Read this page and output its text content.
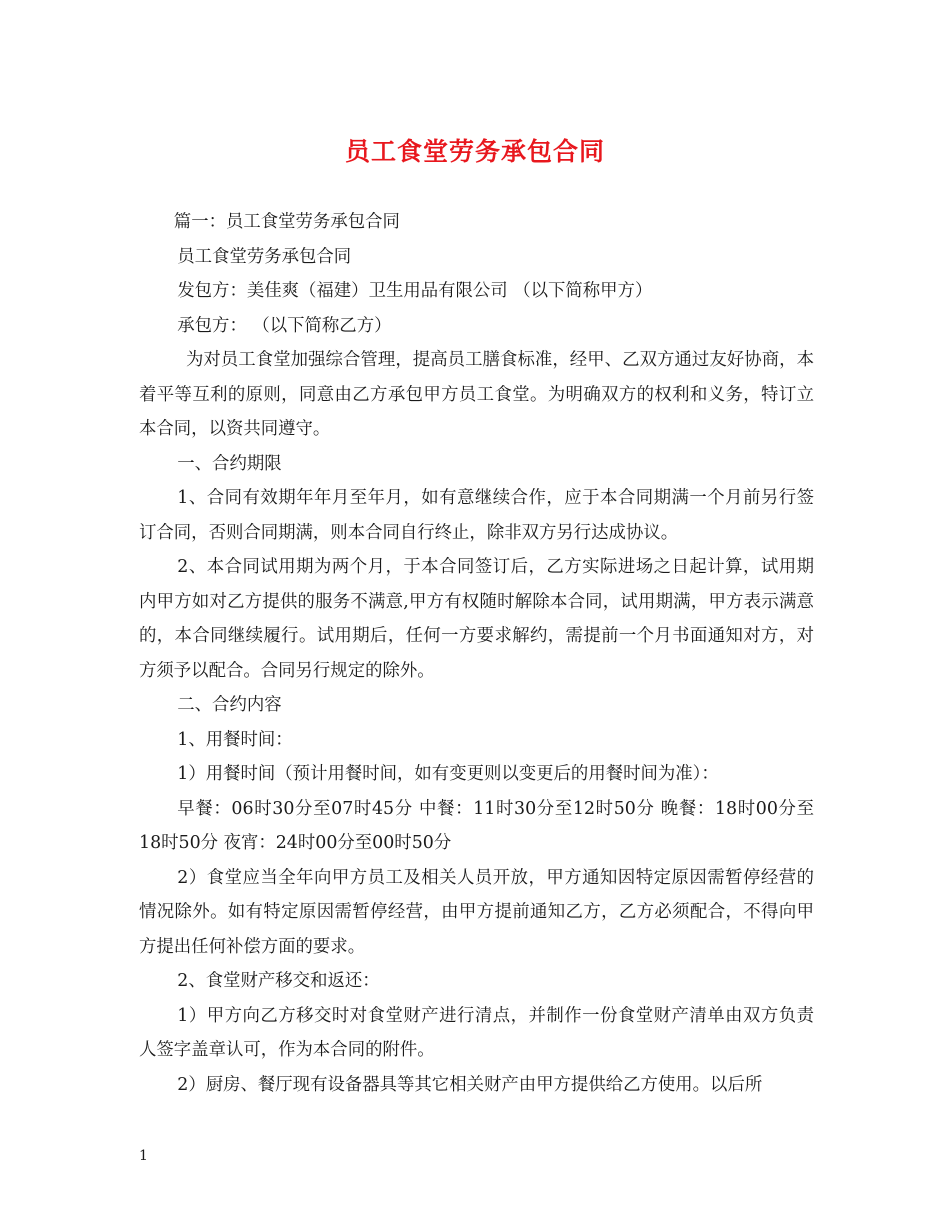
员工食堂劳务承包合同

篇一：员工食堂劳务承包合同

员工食堂劳务承包合同

发包方：美佳爽（福建）卫生用品有限公司 （以下简称甲方）

承包方： （以下简称乙方）

为对员工食堂加强综合管理，提高员工膳食标准，经甲、乙双方通过友好协商，本着平等互利的原则，同意由乙方承包甲方员工食堂。为明确双方的权利和义务，特订立本合同，以资共同遵守。

一、合约期限

1、合同有效期年年月至年月，如有意继续合作，应于本合同期满一个月前另行签订合同，否则合同期满，则本合同自行终止，除非双方另行达成协议。

2、本合同试用期为两个月，于本合同签订后，乙方实际进场之日起计算，试用期内甲方如对乙方提供的服务不满意,甲方有权随时解除本合同，试用期满，甲方表示满意的，本合同继续履行。试用期后，任何一方要求解约，需提前一个月书面通知对方，对方须予以配合。合同另行规定的除外。

二、合约内容

1、用餐时间：

1）用餐时间（预计用餐时间，如有变更则以变更后的用餐时间为准）：

早餐：06时30分至07时45分 中餐：11时30分至12时50分 晚餐：18时00分至18时50分 夜宵：24时00分至00时50分

2）食堂应当全年向甲方员工及相关人员开放，甲方通知因特定原因需暂停经营的情况除外。如有特定原因需暂停经营，由甲方提前通知乙方，乙方必须配合，不得向甲方提出任何补偿方面的要求。

2、食堂财产移交和返还：

1）甲方向乙方移交时对食堂财产进行清点，并制作一份食堂财产清单由双方负责人签字盖章认可，作为本合同的附件。

2）厨房、餐厅现有设备器具等其它相关财产由甲方提供给乙方使用。以后所

1
